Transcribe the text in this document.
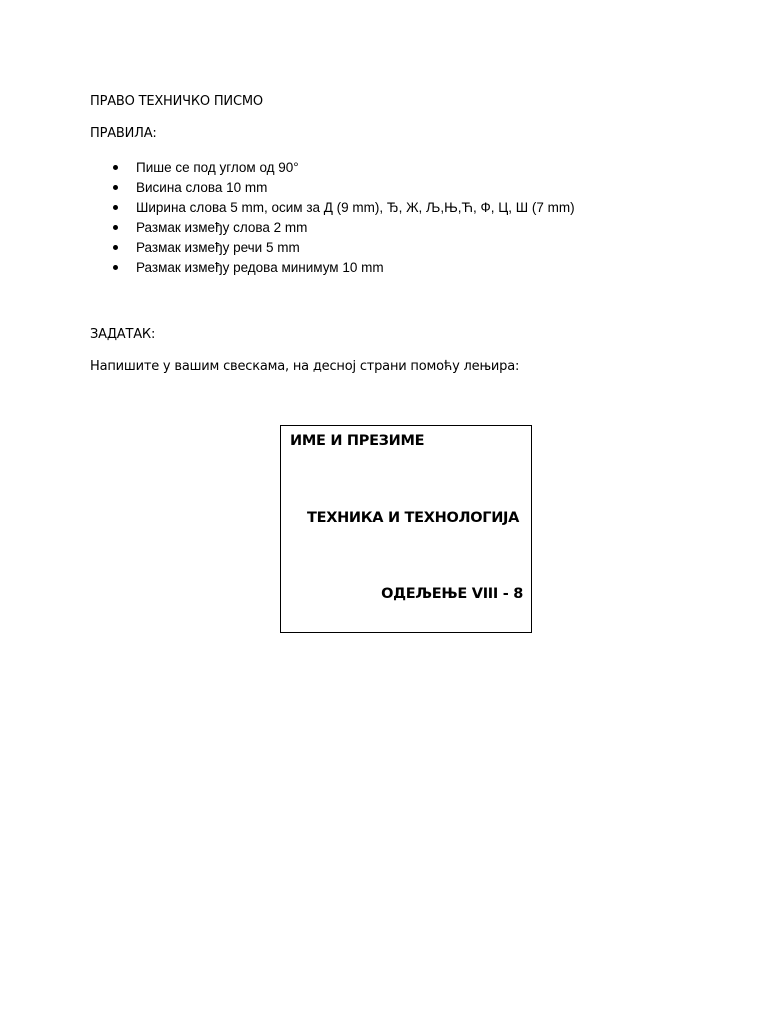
ПРАВО ТЕХНИЧКО ПИСМО
ПРАВИЛА:
Пише се под углом од 90°
Висина слова 10 mm
Ширина слова 5 mm, осим за Д (9 mm), Ђ, Ж, Љ,Њ,Ћ, Ф, Ц, Ш (7 mm)
Размак између слова 2 mm
Размак између речи 5 mm
Размак између редова минимум 10 mm
ЗАДАТАК:
Напишите у вашим свескама, на десној страни помоћу лењира:
ИМЕ И ПРЕЗИМЕ
ТЕХНИКА И ТЕХНОЛОГИЈА
ОДЕЉЕЊЕ VIII - 8
